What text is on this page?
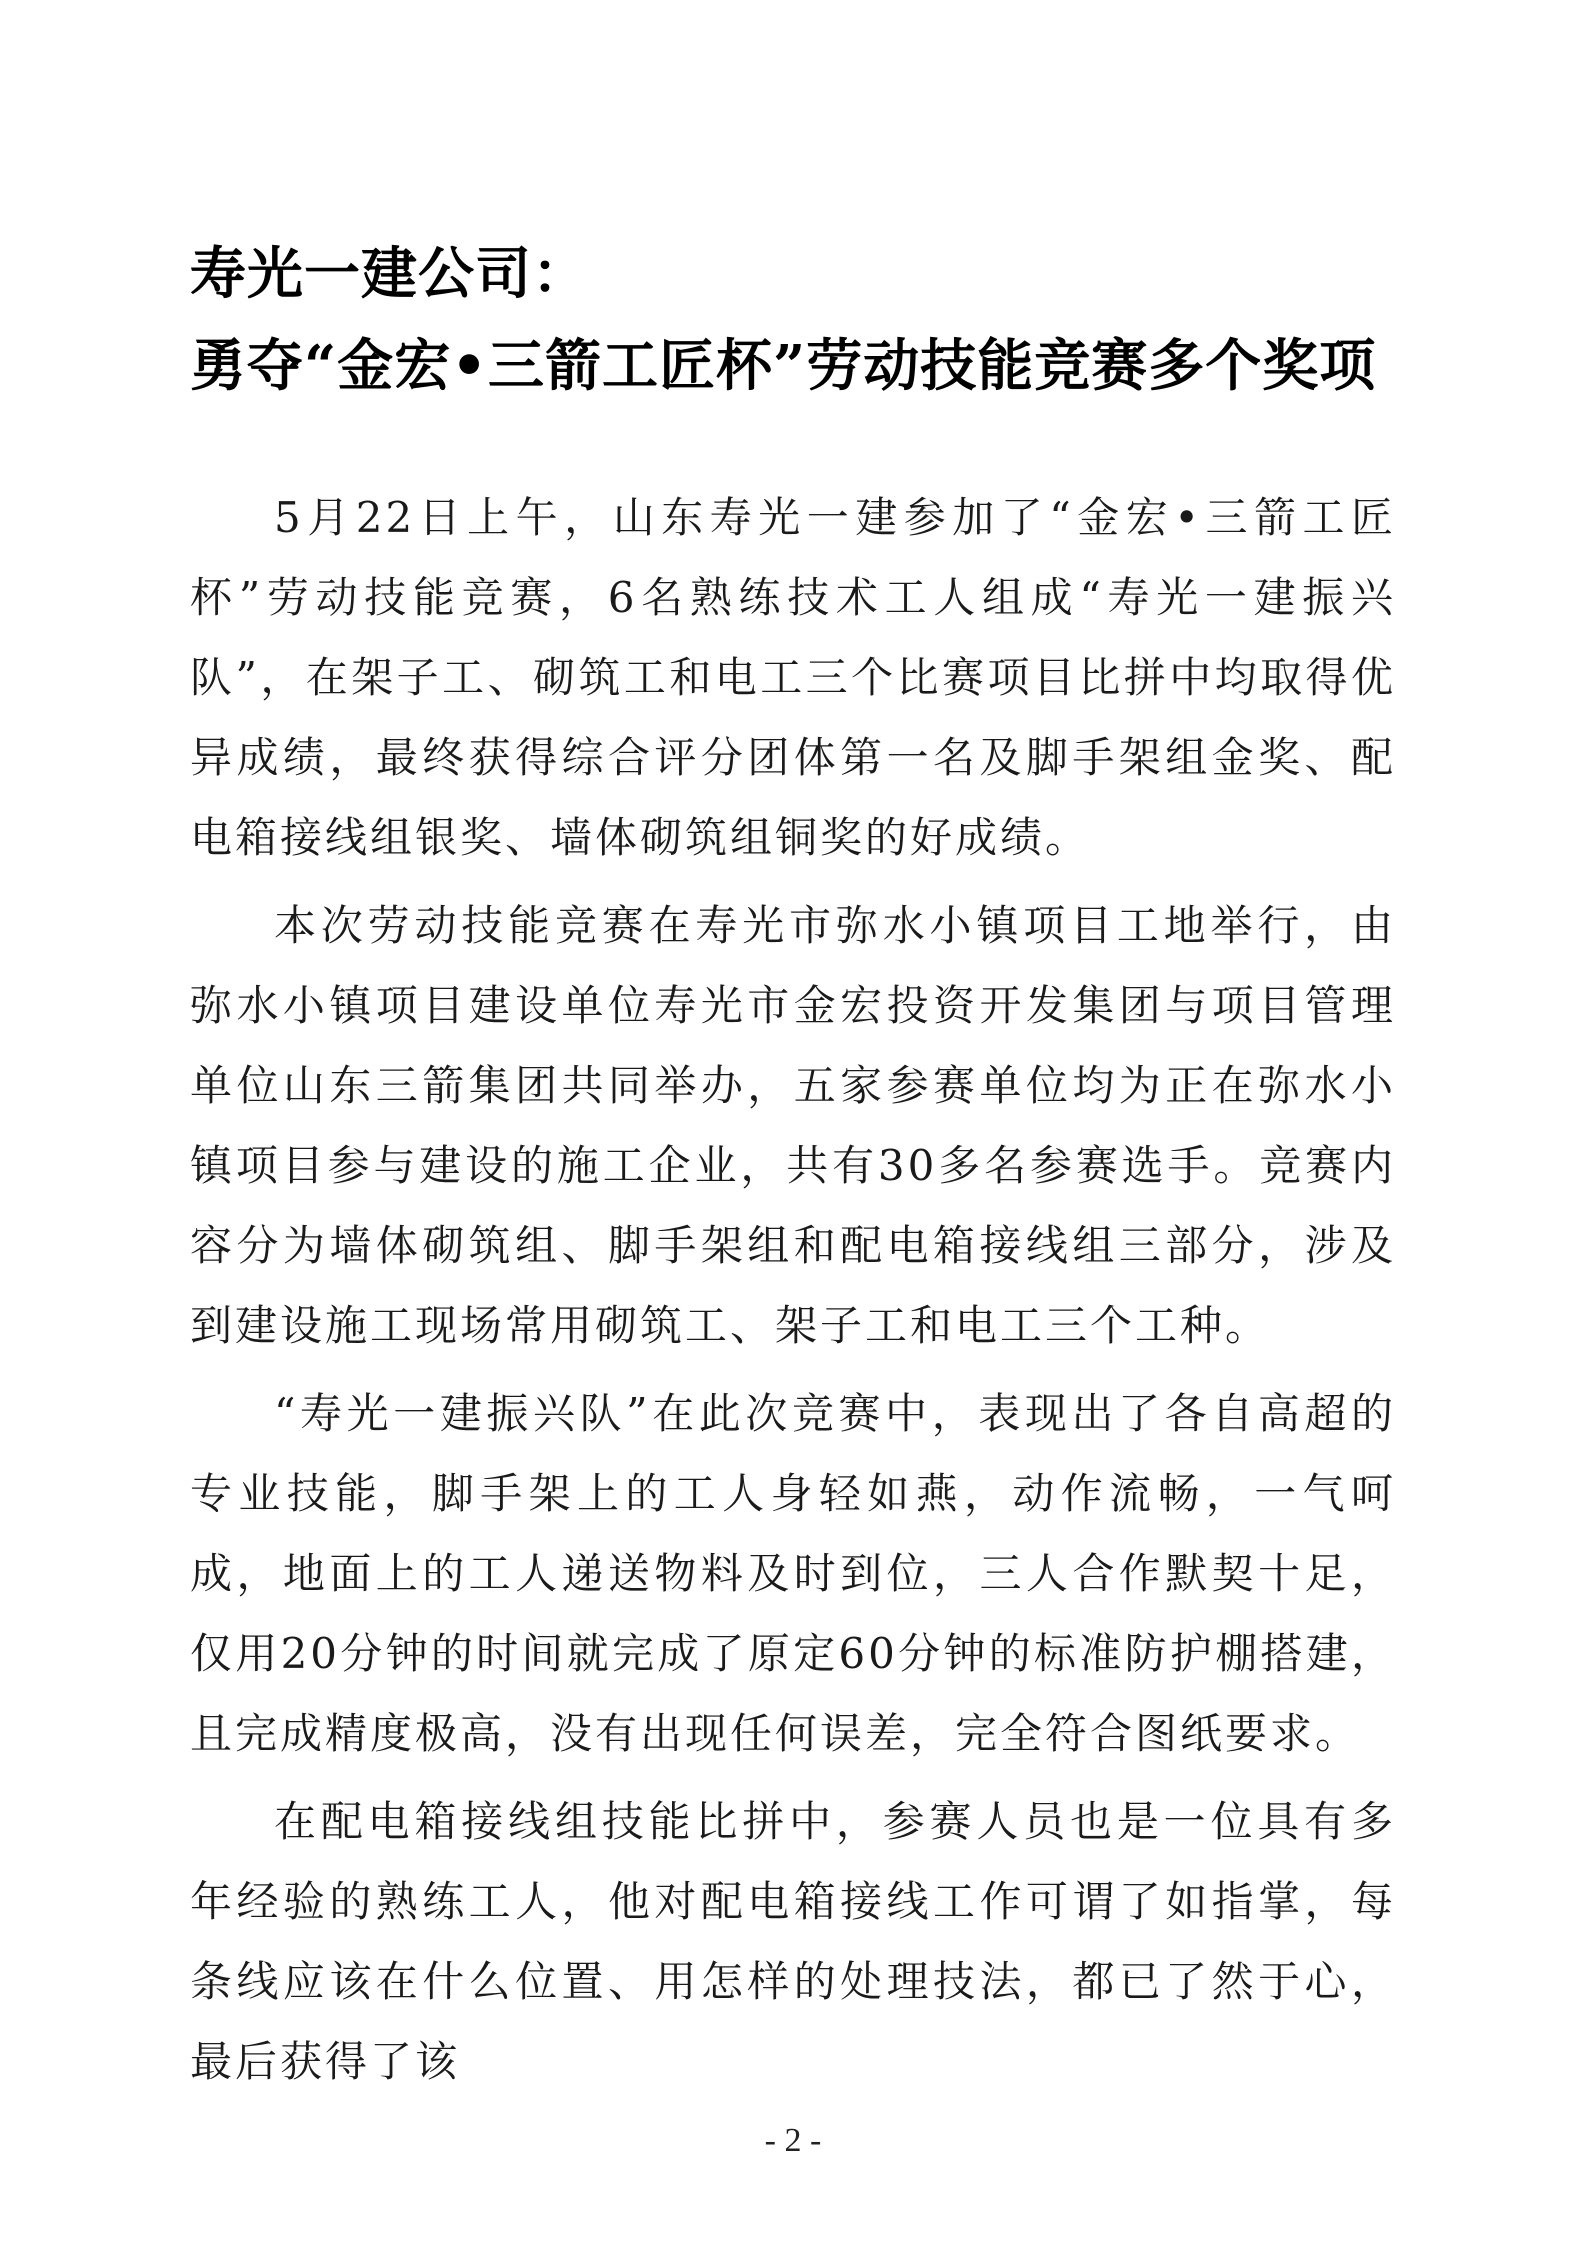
寿光一建公司：
勇夺“金宏•三箭工匠杯”劳动技能竞赛多个奖项

5月22日上午，山东寿光一建参加了“金宏•三箭工匠杯”劳动技能竞赛，6名熟练技术工人组成“寿光一建振兴队”，在架子工、砌筑工和电工三个比赛项目比拼中均取得优异成绩，最终获得综合评分团体第一名及脚手架组金奖、配电箱接线组银奖、墙体砌筑组铜奖的好成绩。

本次劳动技能竞赛在寿光市弥水小镇项目工地举行，由弥水小镇项目建设单位寿光市金宏投资开发集团与项目管理单位山东三箭集团共同举办，五家参赛单位均为正在弥水小镇项目参与建设的施工企业，共有30多名参赛选手。竞赛内容分为墙体砌筑组、脚手架组和配电箱接线组三部分，涉及到建设施工现场常用砌筑工、架子工和电工三个工种。

“寿光一建振兴队”在此次竞赛中，表现出了各自高超的专业技能，脚手架上的工人身轻如燕，动作流畅，一气呵成，地面上的工人递送物料及时到位，三人合作默契十足，仅用20分钟的时间就完成了原定60分钟的标准防护棚搭建，且完成精度极高，没有出现任何误差，完全符合图纸要求。

在配电箱接线组技能比拼中，参赛人员也是一位具有多年经验的熟练工人，他对配电箱接线工作可谓了如指掌，每条线应该在什么位置、用怎样的处理技法，都已了然于心，最后获得了该

- 2 -
